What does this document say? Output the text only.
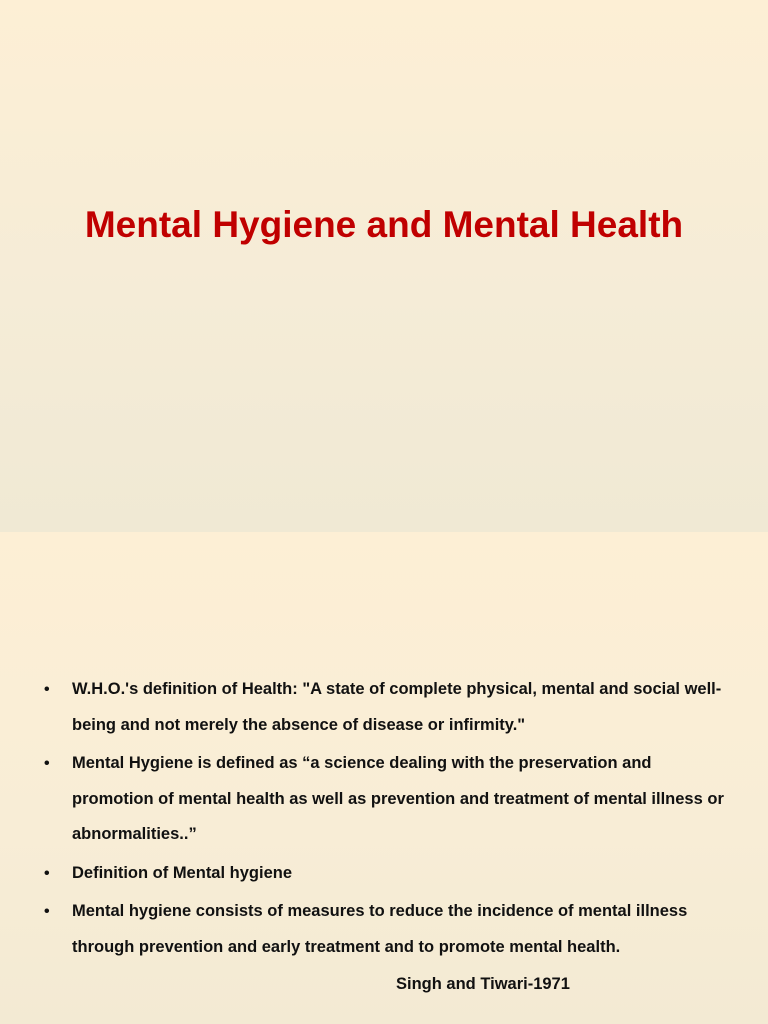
Mental Hygiene and Mental Health
• W.H.O.'s definition of Health: "A state of complete physical, mental and social well-being and not merely the absence of disease or infirmity."
• Mental Hygiene is defined as “a science dealing with the preservation and promotion of mental health as well as prevention and treatment of mental illness or abnormalities..”
• Definition of Mental hygiene
• Mental hygiene consists of measures to reduce the incidence of mental illness through prevention and early treatment and to promote mental health.
Singh and Tiwari-1971
